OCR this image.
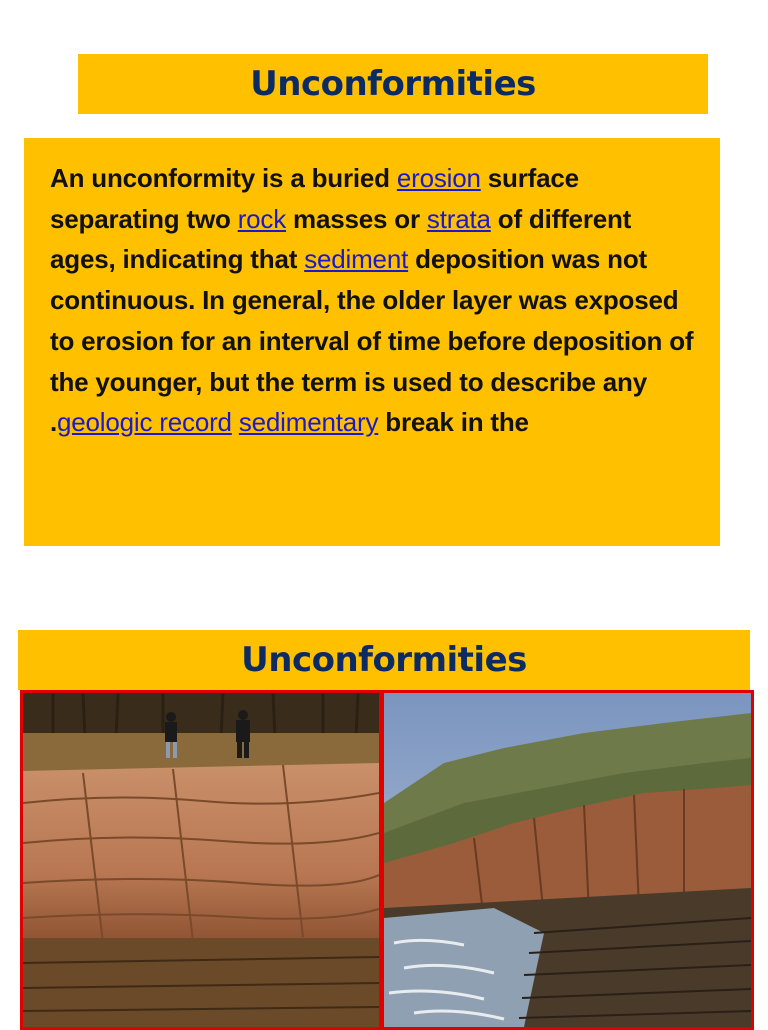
Unconformities

An unconformity is a buried erosion surface separating two rock masses or strata of different ages, indicating that sediment deposition was not continuous. In general, the older layer was exposed to erosion for an interval of time before deposition of the younger, but the term is used to describe any .geologic record sedimentary break in the

Unconformities
